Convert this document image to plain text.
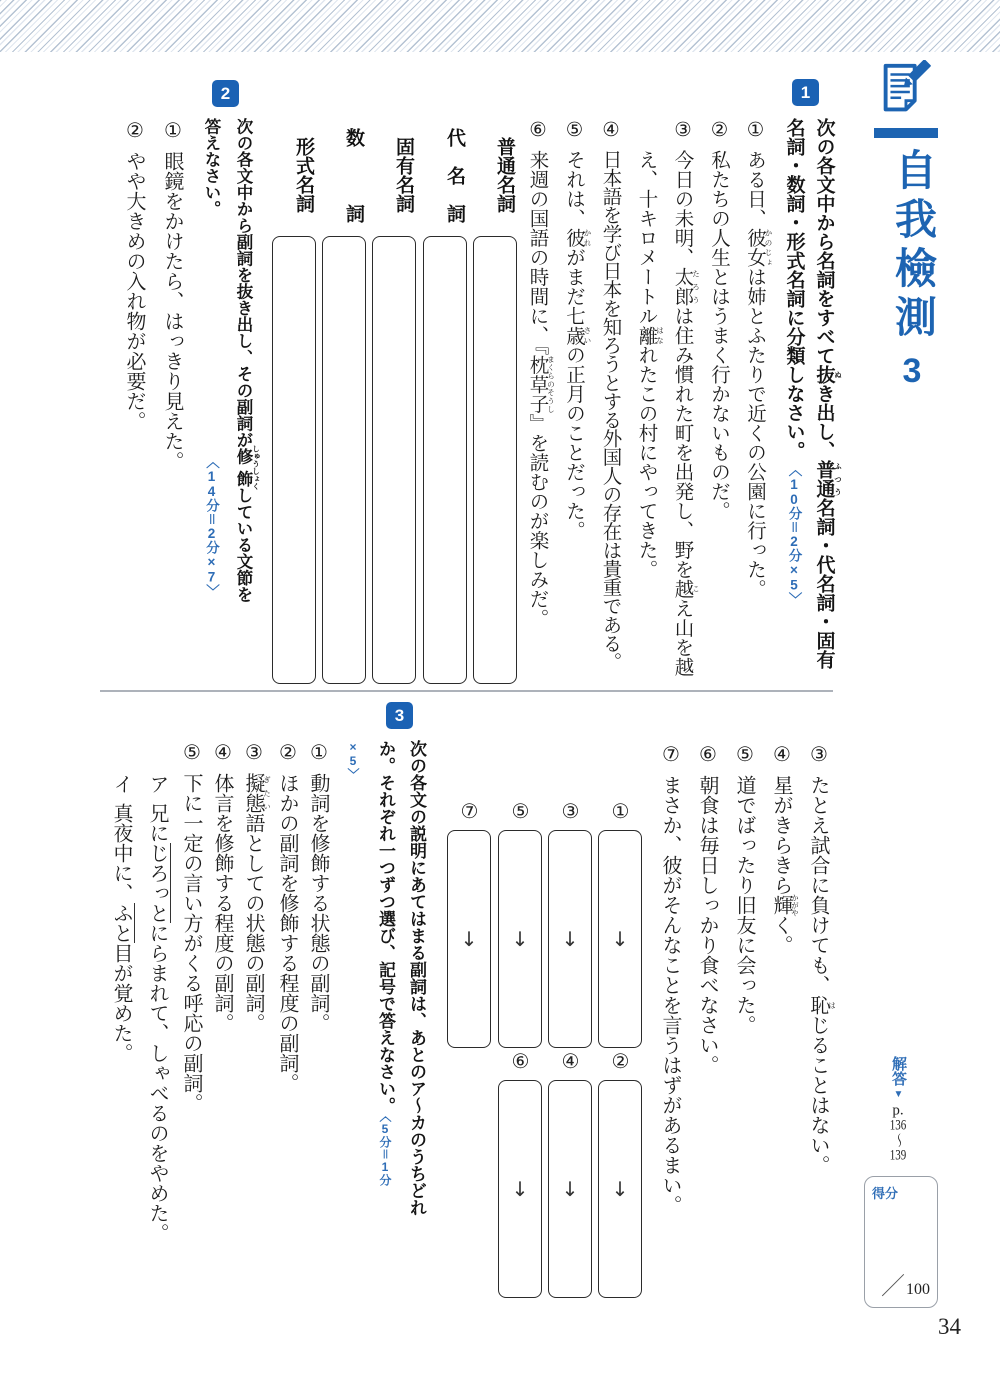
自我檢測3
1

次の各文中から名詞をすべて抜 ぬき出し、普通 ふつう名詞・代名詞・固有名詞・数詞・形式名詞に分類しなさい。〈10分＝2分×5〉

①ある日、彼女 かのじょは姉とふたりで近くの公園に行った。

②私たちの人生とはうまく行かないものだ。

③今日の未明、太郎 たろうは住み慣れた町を出発し、野を越 こえ山を越え、十キロメートル離 はなれたこの村にやってきた。

④日本語を学び日本を知ろうとする外国人の存在は貴重である。

⑤それは、彼 かれがまだ七歳 さいの正月のことだった。

⑥来週の国語の時間に、『枕草子 まくらのそうし』を読むのが楽しみだ。

普通名詞
代　名　詞
固有名詞
数　　　詞
形式名詞
2

次の各文中から副詞を抜き出し、その副詞が修飾 しゅうしょくしている文節を答えなさい。〈14分＝2分×7〉

①眼鏡をかけたら、はっきり見えた。

②やや大きめの入れ物が必要だ。

③たとえ試合に負けても、恥はじることはない。

④星がきらきら輝かがやく。

⑤道でばったり旧友に会った。

⑥朝食は毎日しっかり食べなさい。

⑦まさか、彼がそんなことを言うはずがあるまい。

①
③
⑤
⑦
↓
↓
↓
↓
②
④
⑥
↓
↓
↓
3

次の各文の説明にあてはまる副詞は、あとのア～カのうちどれか。それぞれ一つずつ選び、記号で答えなさい。〈5分＝1分×5〉

①動詞を修飾する状態の副詞。

②ほかの副詞を修飾する程度の副詞。

③擬態ぎたい語としての状態の副詞。

④体言を修飾する程度の副詞。

⑤下に一定の言い方がくる呼応の副詞。

ア兄にじろっとにらまれて、しゃべるのをやめた。

イ真夜中に、ふと目が覚めた。

解答▼p.136～139
得分
／100
34
